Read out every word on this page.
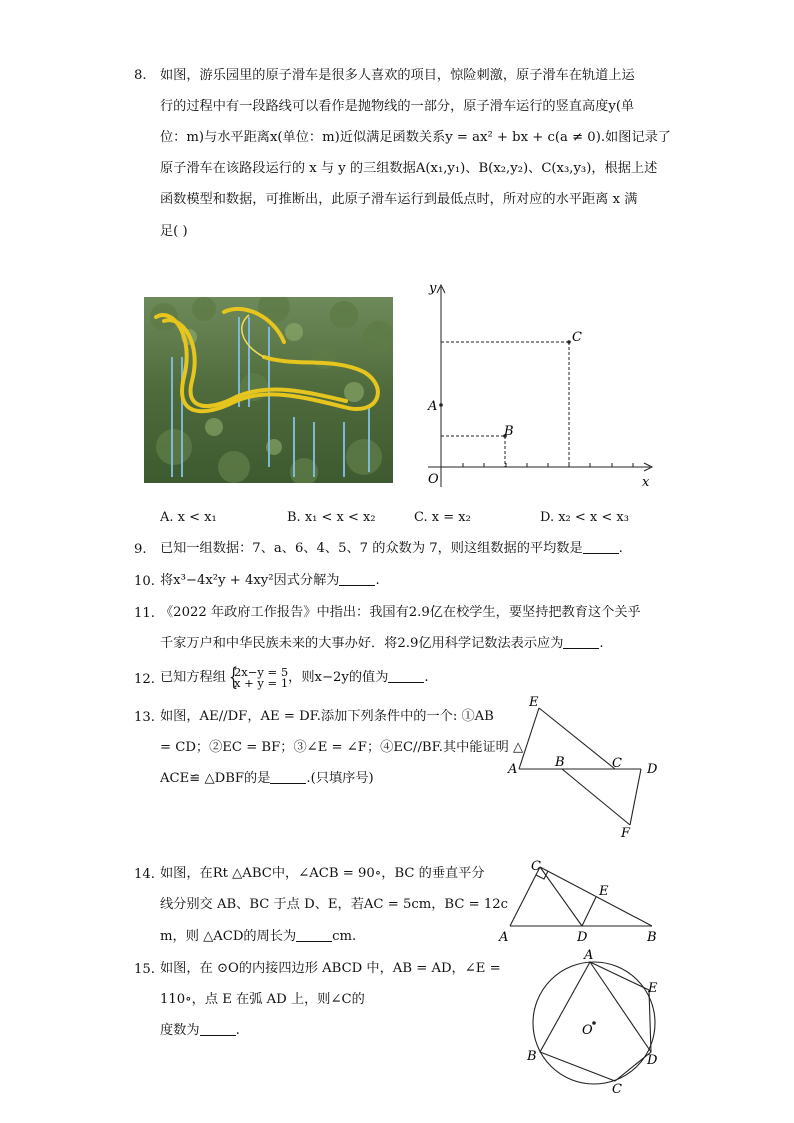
8. 如图，游乐园里的原子滑车是很多人喜欢的项目，惊险刺激，原子滑车在轨道上运
行的过程中有一段路线可以看作是抛物线的一部分，原子滑车运行的竖直高度y(单
位：m)与水平距离x(单位：m)近似满足函数关系y = ax² + bx + c(a ≠ 0).如图记录了
原子滑车在该路段运行的 x 与 y 的三组数据A(x₁,y₁)、B(x₂,y₂)、C(x₃,y₃)，根据上述
函数模型和数据，可推断出，此原子滑车运行到最低点时，所对应的水平距离 x 满
足( )
y
x
O
A
B
C
A. x < x₁	B. x₁ < x < x₂	C. x = x₂	D. x₂ < x < x₃
9. 已知一组数据：7、a、6、4、5、7 的众数为 7，则这组数据的平均数是	.
10. 将x³−4x²y + 4xy²因式分解为	.
11. 《2022 年政府工作报告》中指出：我国有2.9亿在校学生，要坚持把教育这个关乎
千家万户和中华民族未来的大事办好．将2.9亿用科学记数法表示应为	.
12. 已知方程组 {
2x−y = 5
x + y = 1 ，则x−2y的值为	.
13. 如图，AE//DF，AE = DF.添加下列条件中的一个: ①AB
= CD；②EC = BF；③∠E = ∠F；④EC//BF.其中能证明 △
ACE≌ △DBF的是	.(只填序号)
E
A	B	C D
F
14. 如图，在Rt △ABC中，∠ACB = 90∘，BC 的垂直平分
线分别交 AB、BC 于点 D、E，若AC = 5cm，BC = 12c
m，则 △ACD的周长为	cm.
C
E
A	D	B
15. 如图，在 ⊙O的内接四边形 ABCD 中，AB = AD，∠E =
110∘，点 E 在弧 AD 上，则∠C的
度数为	.
A
E
O
B	D
C
